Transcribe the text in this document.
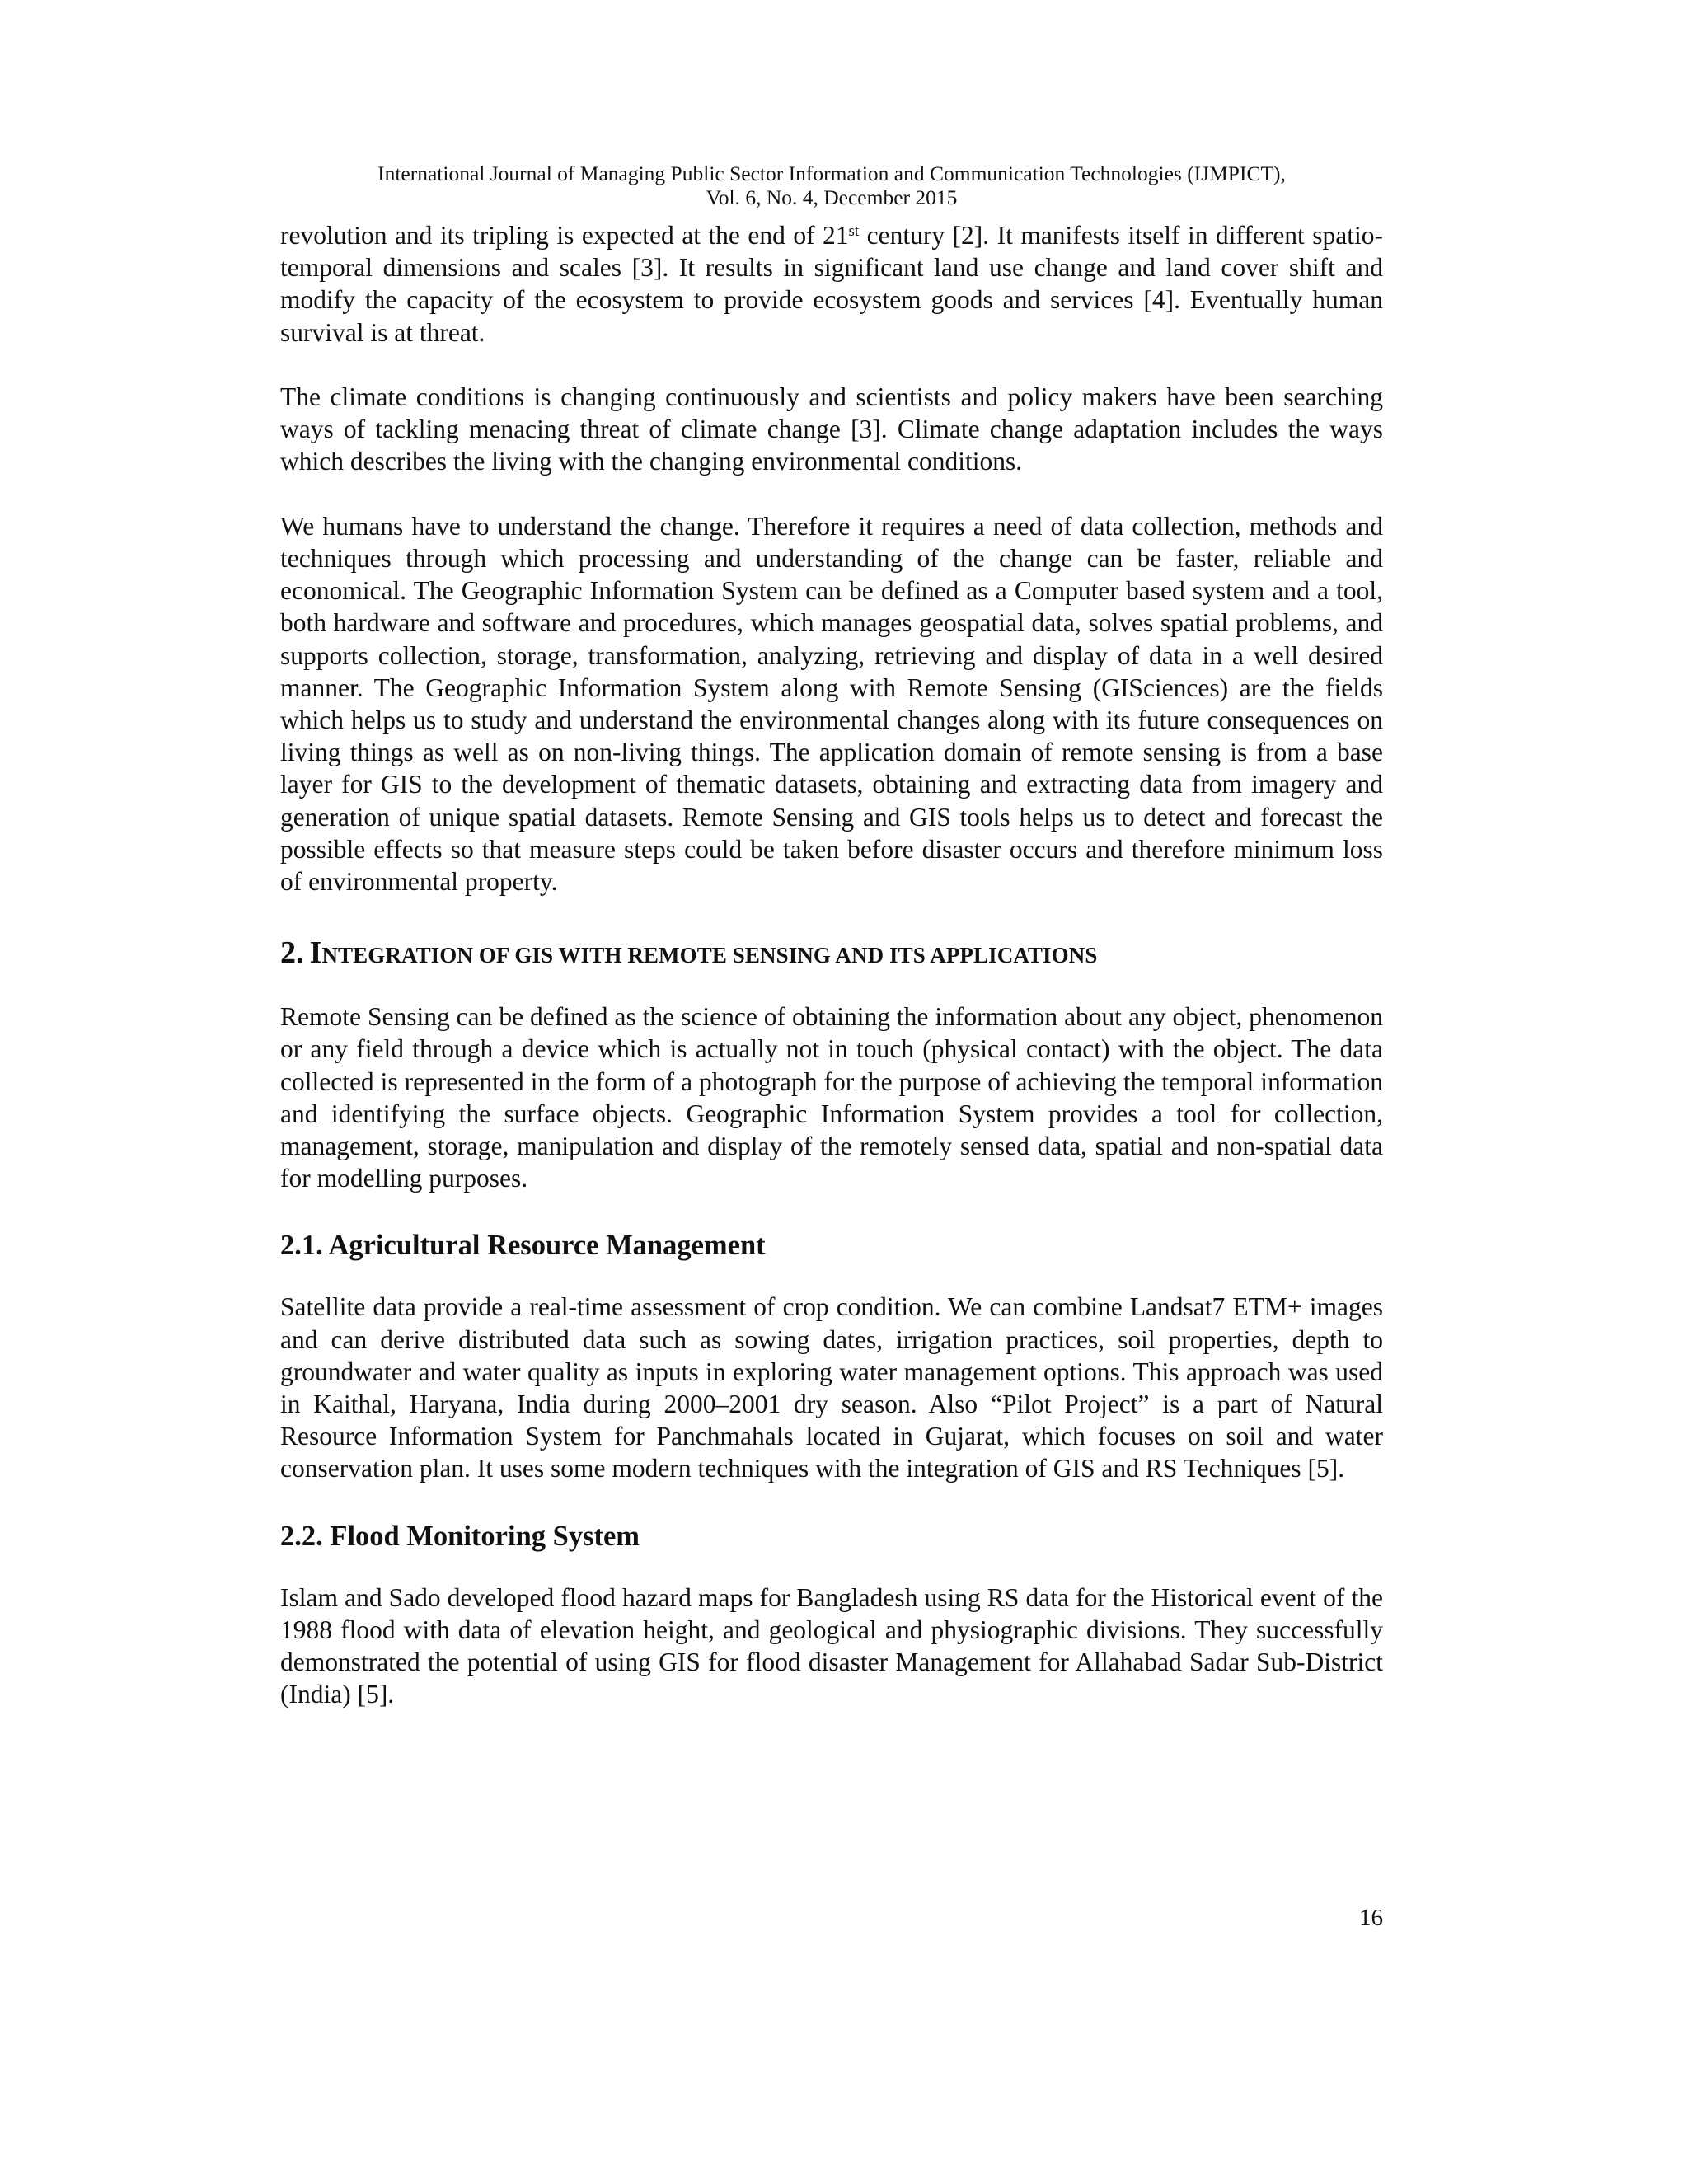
International Journal of Managing Public Sector Information and Communication Technologies (IJMPICT),
Vol. 6, No. 4, December 2015

revolution and its tripling is expected at the end of 21st century [2]. It manifests itself in different spatio-temporal dimensions and scales [3]. It results in significant land use change and land cover shift and modify the capacity of the ecosystem to provide ecosystem goods and services [4]. Eventually human survival is at threat.

The climate conditions is changing continuously and scientists and policy makers have been searching ways of tackling menacing threat of climate change [3]. Climate change adaptation includes the ways which describes the living with the changing environmental conditions.

We humans have to understand the change. Therefore it requires a need of data collection, methods and techniques through which processing and understanding of the change can be faster, reliable and economical. The Geographic Information System can be defined as a Computer based system and a tool, both hardware and software and procedures, which manages geospatial data, solves spatial problems, and supports collection, storage, transformation, analyzing, retrieving and display of data in a well desired manner. The Geographic Information System along with Remote Sensing (GISciences) are the fields which helps us to study and understand the environmental changes along with its future consequences on living things as well as on non-living things. The application domain of remote sensing is from a base layer for GIS to the development of thematic datasets, obtaining and extracting data from imagery and generation of unique spatial datasets. Remote Sensing and GIS tools helps us to detect and forecast the possible effects so that measure steps could be taken before disaster occurs and therefore minimum loss of environmental property.

2. INTEGRATION OF GIS WITH REMOTE SENSING AND ITS APPLICATIONS

Remote Sensing can be defined as the science of obtaining the information about any object, phenomenon or any field through a device which is actually not in touch (physical contact) with the object. The data collected is represented in the form of a photograph for the purpose of achieving the temporal information and identifying the surface objects. Geographic Information System provides a tool for collection, management, storage, manipulation and display of the remotely sensed data, spatial and non-spatial data for modelling purposes.

2.1. Agricultural Resource Management

Satellite data provide a real-time assessment of crop condition. We can combine Landsat7 ETM+ images and can derive distributed data such as sowing dates, irrigation practices, soil properties, depth to groundwater and water quality as inputs in exploring water management options. This approach was used in Kaithal, Haryana, India during 2000–2001 dry season. Also “Pilot Project” is a part of Natural Resource Information System for Panchmahals located in Gujarat, which focuses on soil and water conservation plan. It uses some modern techniques with the integration of GIS and RS Techniques [5].

2.2. Flood Monitoring System

Islam and Sado developed flood hazard maps for Bangladesh using RS data for the Historical event of the 1988 flood with data of elevation height, and geological and physiographic divisions. They successfully demonstrated the potential of using GIS for flood disaster Management for Allahabad Sadar Sub-District (India) [5].

16
